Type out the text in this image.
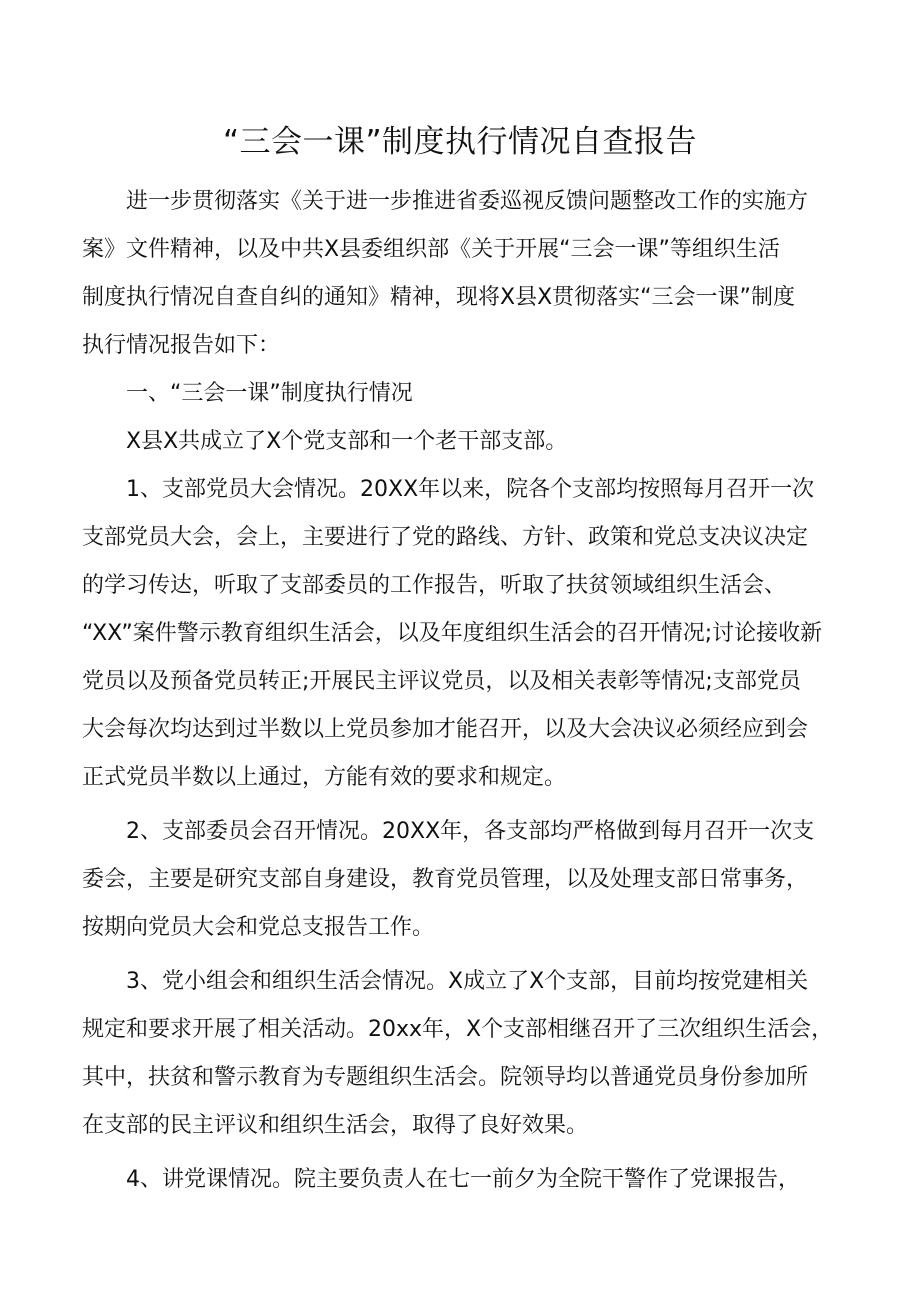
“三会一课”制度执行情况自查报告

进一步贯彻落实《关于进一步推进省委巡视反馈问题整改工作的实施方
案》文件精神，以及中共X县委组织部《关于开展“三会一课”等组织生活
制度执行情况自查自纠的通知》精神，现将X县X贯彻落实“三会一课”制度
执行情况报告如下：

一、“三会一课”制度执行情况

X县X共成立了X个党支部和一个老干部支部。

1、支部党员大会情况。20XX年以来，院各个支部均按照每月召开一次
支部党员大会，会上，主要进行了党的路线、方针、政策和党总支决议决定
的学习传达，听取了支部委员的工作报告，听取了扶贫领域组织生活会、
“XX”案件警示教育组织生活会，以及年度组织生活会的召开情况;讨论接收新
党员以及预备党员转正;开展民主评议党员，以及相关表彰等情况;支部党员
大会每次均达到过半数以上党员参加才能召开，以及大会决议必须经应到会
正式党员半数以上通过，方能有效的要求和规定。

2、支部委员会召开情况。20XX年，各支部均严格做到每月召开一次支
委会，主要是研究支部自身建设，教育党员管理，以及处理支部日常事务，
按期向党员大会和党总支报告工作。

3、党小组会和组织生活会情况。X成立了X个支部，目前均按党建相关
规定和要求开展了相关活动。20xx年，X个支部相继召开了三次组织生活会，
其中，扶贫和警示教育为专题组织生活会。院领导均以普通党员身份参加所
在支部的民主评议和组织生活会，取得了良好效果。

4、讲党课情况。院主要负责人在七一前夕为全院干警作了党课报告，
